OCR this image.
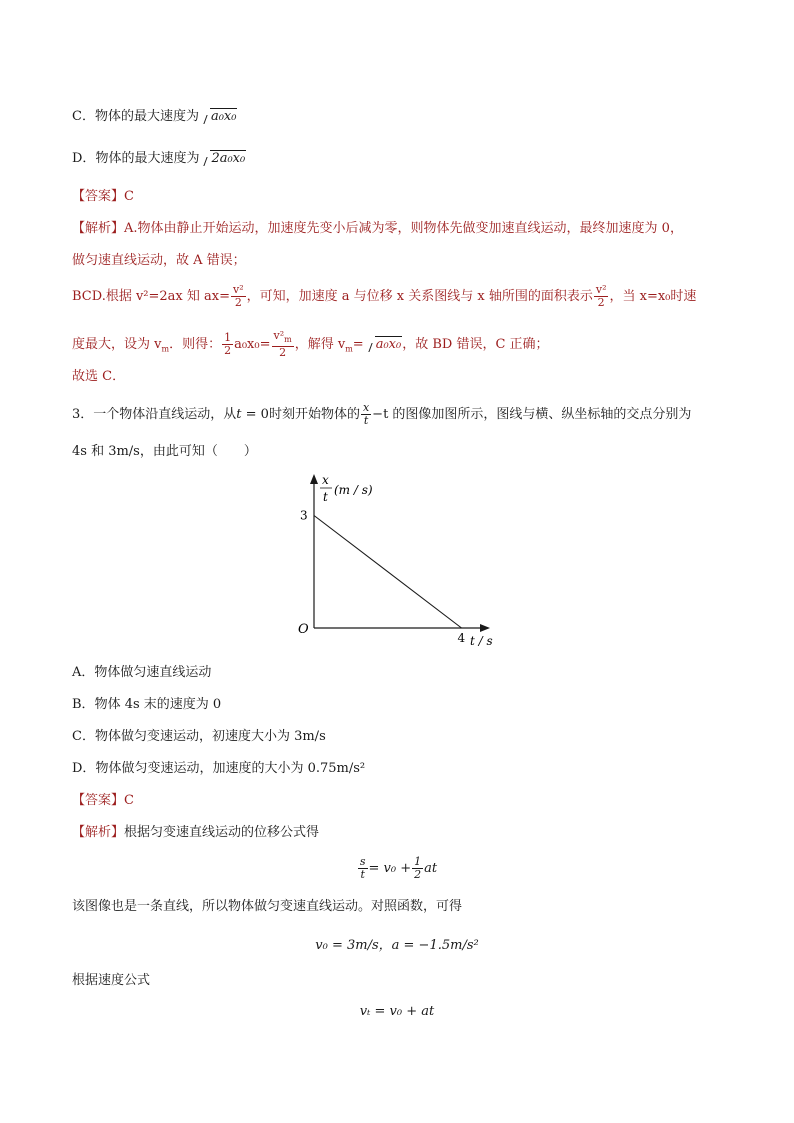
C．物体的最大速度为 a₀x₀
D．物体的最大速度为 2a₀x₀
【答案】C
【解析】A.物体由静止开始运动，加速度先变小后减为零，则物体先做变加速直线运动，最终加速度为 0，
做匀速直线运动，故 A 错误；
BCD.根据 v²=2ax 知 $ax= \frac{\text{v²}}{2}$ ，可知，加速度 a 与位移 x 关系图线与 x 轴所围的面积表示 $\frac{\text{v²}}{2}$ ，当 x=x₀时速
度最大，设为 $v_m$．则得： $\frac{1}{2} a_0x_0= \frac{v^2_m}{2}$ ，解得 $v_m= a_0x_0$，故 BD 错误，C 正确；
故选 C．
3．一个物体沿直线运动，从t = 0时刻开始物体的 $\frac{x}{t} -t$ 的图像加图所示，图线与横、纵坐标轴的交点分别为
4s 和 3m/s，由此可知（　　）
x
t (m / s)
3
4
O
t / s
A．物体做匀速直线运动
B．物体 4s 末的速度为 0
C．物体做匀变速运动，初速度大小为 3m/s
D．物体做匀变速运动，加速度的大小为 0.75m/s²
【答案】C
【解析】根据匀变速直线运动的位移公式得
$\frac{s}{t} = v_0 + \frac{1}{2}$ at
该图像也是一条直线，所以物体做匀变速直线运动。对照函数，可得
v₀ = 3m/s，a = −1.5m/s²
根据速度公式
vₜ = v₀ + at
